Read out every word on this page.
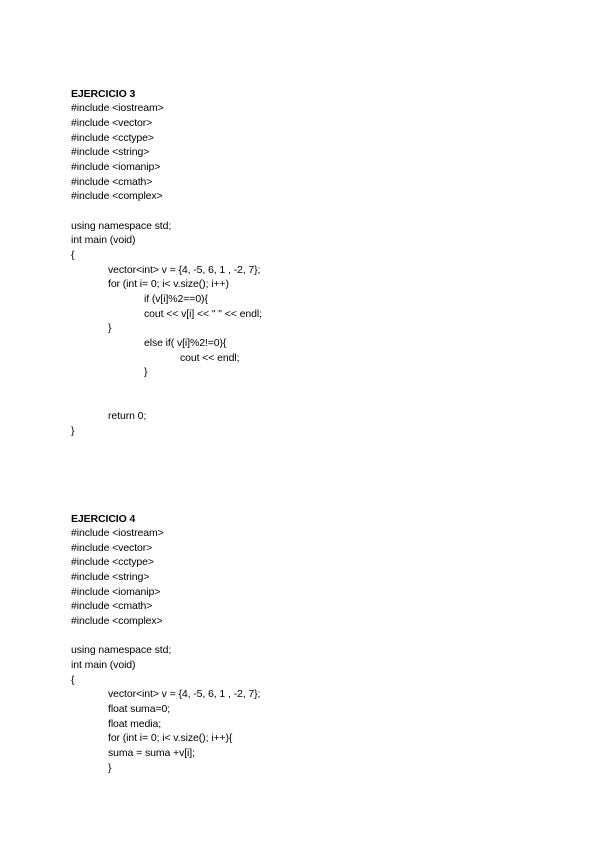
EJERCICIO 3
#include <iostream>
#include <vector>
#include <cctype>
#include <string>
#include <iomanip>
#include <cmath>
#include <complex>
using namespace std;
int main (void)
{
vector<int> v = {4, -5, 6, 1 , -2, 7};
for (int i= 0; i< v.size(); i++)
if (v[i]%2==0){
cout << v[i] << " " << endl;
}
else if( v[i]%2!=0){
cout << endl;
}
return 0;
}
EJERCICIO 4
#include <iostream>
#include <vector>
#include <cctype>
#include <string>
#include <iomanip>
#include <cmath>
#include <complex>
using namespace std;
int main (void)
{
vector<int> v = {4, -5, 6, 1 , -2, 7};
float suma=0;
float media;
for (int i= 0; i< v.size(); i++){
suma = suma +v[i];
}
